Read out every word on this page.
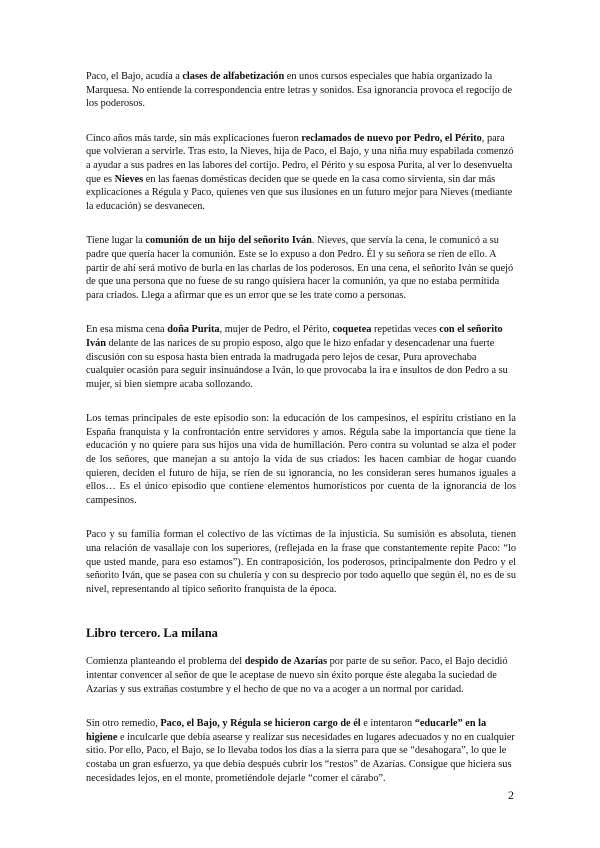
Paco, el Bajo, acudía a clases de alfabetización en unos cursos especiales que había organizado la Marquesa. No entiende la correspondencia entre letras y sonidos. Esa ignorancia provoca el regocijo de los poderosos.

Cinco años más tarde, sin más explicaciones fueron reclamados de nuevo por Pedro, el Périto, para que volvieran a servirle. Tras esto, la Nieves, hija de Paco, el Bajo, y una niña muy espabilada comenzó a ayudar a sus padres en las labores del cortijo. Pedro, el Périto y su esposa Purita, al ver lo desenvuelta que es Nieves en las faenas domésticas deciden que se quede en la casa como sirvienta, sin dar más explicaciones a Régula y Paco, quienes ven que sus ilusiones en un futuro mejor para Nieves (mediante la educación) se desvanecen.

Tiene lugar la comunión de un hijo del señorito Iván. Nieves, que servía la cena, le comunicó a su padre que quería hacer la comunión. Este se lo expuso a don Pedro. Él y su señora se ríen de ello. A partir de ahí será motivo de burla en las charlas de los poderosos. En una cena, el señorito Iván se quejó de que una persona que no fuese de su rango quisiera hacer la comunión, ya que no estaba permitida para criados. Llega a afirmar que es un error que se les trate como a personas.

En esa misma cena doña Purita, mujer de Pedro, el Périto, coquetea repetidas veces con el señorito Iván delante de las narices de su propio esposo, algo que le hizo enfadar y desencadenar una fuerte discusión con su esposa hasta bien entrada la madrugada pero lejos de cesar, Pura aprovechaba cualquier ocasión para seguir insinuándose a Iván, lo que provocaba la ira e insultos de don Pedro a su mujer, si bien siempre acaba sollozando.

Los temas principales de este episodio son: la educación de los campesinos, el espíritu cristiano en la España franquista y la confrontación entre servidores y amos. Régula sabe la importancia que tiene la educación y no quiere para sus hijos una vida de humillación. Pero contra su voluntad se alza el poder de los señores, que manejan a su antojo la vida de sus criados: les hacen cambiar de hogar cuando quieren, deciden el futuro de hija, se ríen de su ignorancia, no les consideran seres humanos iguales a ellos… Es el único episodio que contiene elementos humorísticos por cuenta de la ignorancia de los campesinos.

Paco y su familia forman el colectivo de las víctimas de la injusticia. Su sumisión es absoluta, tienen una relación de vasallaje con los superiores, (reflejada en la frase que constantemente repite Paco: “lo que usted mande, para eso estamos”). En contraposición, los poderosos, principalmente don Pedro y el señorito Iván, que se pasea con su chulería y con su desprecio por todo aquello que según él, no es de su nivel, representando al típico señorito franquista de la época.

Libro tercero. La milana

Comienza planteando el problema del despido de Azarías por parte de su señor. Paco, el Bajo decidió intentar convencer al señor de que le aceptase de nuevo sin éxito porque éste alegaba la suciedad de Azarías y sus extrañas costumbre y el hecho de que no va a acoger a un normal por caridad.

Sin otro remedio, Paco, el Bajo, y Régula se hicieron cargo de él e intentaron “educarle” en la higiene e inculcarle que debía asearse y realizar sus necesidades en lugares adecuados y no en cualquier sitio. Por ello, Paco, el Bajo, se lo llevaba todos los días a la sierra para que se “desahogara”, lo que le costaba un gran esfuerzo, ya que debía después cubrir los “restos” de Azarías. Consigue que hiciera sus necesidades lejos, en el monte, prometiéndole dejarle “comer el cárabo”.

2
